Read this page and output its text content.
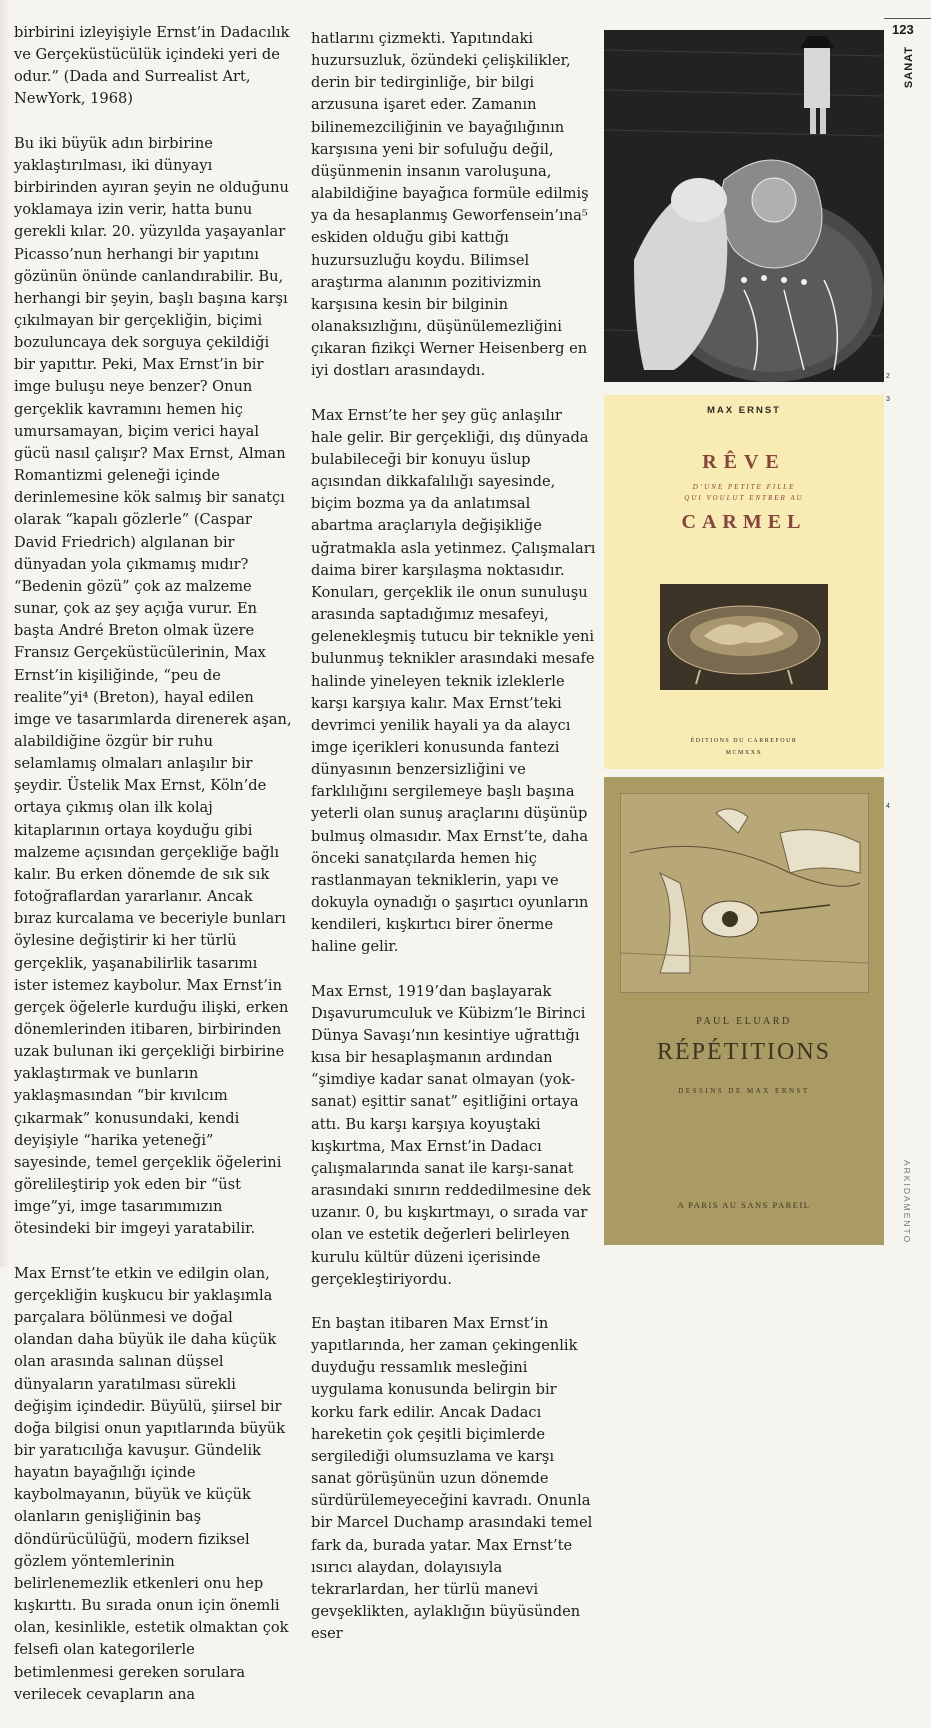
123
SANAT
ARKIDAMENTO

birbirini izleyişiyle Ernst’in Dadacılık ve Gerçeküstücülük içindeki yeri de odur.” (Dada and Surrealist Art, NewYork, 1968)

Bu iki büyük adın birbirine yaklaştırılması, iki dünyayı birbirinden ayıran şeyin ne olduğunu yoklamaya izin verir, hatta bunu gerekli kılar. 20. yüzyılda yaşayanlar Picasso’nun herhangi bir yapıtını gözünün önünde canlandırabilir. Bu, herhangi bir şeyin, başlı başına karşı çıkılmayan bir gerçekliğin, biçimi bozuluncaya dek sorguya çekildiği bir yapıttır. Peki, Max Ernst’in bir imge buluşu neye benzer? Onun gerçeklik kavramını hemen hiç umursamayan, biçim verici hayal gücü nasıl çalışır? Max Ernst, Alman Romantizmi geleneği içinde derinlemesine kök salmış bir sanatçı olarak “kapalı gözlerle” (Caspar David Friedrich) algılanan bir dünyadan yola çıkmamış mıdır? “Bedenin gözü” çok az malzeme sunar, çok az şey açığa vurur. En başta André Breton olmak üzere Fransız Gerçeküstücülerinin, Max Ernst’in kişiliğinde, “peu de realite”yi⁴ (Breton), hayal edilen imge ve tasarımlarda direnerek aşan, alabildiğine özgür bir ruhu selamlamış olmaları anlaşılır bir şeydir. Üstelik Max Ernst, Köln’de ortaya çıkmış olan ilk kolaj kitaplarının ortaya koyduğu gibi malzeme açısından gerçekliğe bağlı kalır. Bu erken dönemde de sık sık fotoğraflardan yararlanır. Ancak bıraz kurcalama ve beceriyle bunları öylesine değiştirir ki her türlü gerçeklik, yaşanabilirlik tasarımı ister istemez kaybolur. Max Ernst’in gerçek öğelerle kurduğu ilişki, erken dönemlerinden itibaren, birbirinden uzak bulunan iki gerçekliği birbirine yaklaştırmak ve bunların yaklaşmasından “bir kıvılcım çıkarmak” konusundaki, kendi deyişiyle “harika yeteneği” sayesinde, temel gerçeklik öğelerini görelileştirip yok eden bir “üst imge”yi, imge tasarımımızın ötesindeki bir imgeyi yaratabilir.

Max Ernst’te etkin ve edilgin olan, gerçekliğin kuşkucu bir yaklaşımla parçalara bölünmesi ve doğal olandan daha büyük ile daha küçük olan arasında salınan düşsel dünyaların yaratılması sürekli değişim içindedir. Büyülü, şiirsel bir doğa bilgisi onun yapıtlarında büyük bir yaratıcılığa kavuşur. Gündelik hayatın bayağılığı içinde kaybolmayanın, büyük ve küçük olanların genişliğinin baş döndürücülüğü, modern fiziksel gözlem yöntemlerinin belirlenemezlik etkenleri onu hep kışkırttı. Bu sırada onun için önemli olan, kesinlikle, estetik olmaktan çok felsefi olan kategorilerle betimlenmesi gereken sorulara verilecek cevapların ana

hatlarını çizmekti. Yapıtındaki huzursuzluk, özündeki çelişkilikler, derin bir tedirginliğe, bir bilgi arzusuna işaret eder. Zamanın bilinemezciliğinin ve bayağılığının karşısına yeni bir sofuluğu değil, düşünmenin insanın varoluşuna, alabildiğine bayağıca formüle edilmiş ya da hesaplanmış Geworfensein’ına⁵ eskiden olduğu gibi kattığı huzursuzluğu koydu. Bilimsel araştırma alanının pozitivizmin karşısına kesin bir bilginin olanaksızlığını, düşünülemezliğini çıkaran fizikçi Werner Heisenberg en iyi dostları arasındaydı.

Max Ernst’te her şey güç anlaşılır hale gelir. Bir gerçekliği, dış dünyada bulabileceği bir konuyu üslup açısından dikkafalılığı sayesinde, biçim bozma ya da anlatımsal abartma araçlarıyla değişikliğe uğratmakla asla yetinmez. Çalışmaları daima birer karşılaşma noktasıdır. Konuları, gerçeklik ile onun sunuluşu arasında saptadığımız mesafeyi, gelenekleşmiş tutucu bir teknikle yeni bulunmuş teknikler arasındaki mesafe halinde yineleyen teknik izleklerle karşı karşıya kalır. Max Ernst’teki devrimci yenilik hayali ya da alaycı imge içerikleri konusunda fantezi dünyasının benzersizliğini ve farklılığını sergilemeye başlı başına yeterli olan sunuş araçlarını düşünüp bulmuş olmasıdır. Max Ernst’te, daha önceki sanatçılarda hemen hiç rastlanmayan tekniklerin, yapı ve dokuyla oynadığı o şaşırtıcı oyunların kendileri, kışkırtıcı birer önerme haline gelir.

Max Ernst, 1919’dan başlayarak Dışavurumculuk ve Kübizm’le Birinci Dünya Savaşı’nın kesintiye uğrattığı kısa bir hesaplaşmanın ardından “şimdiye kadar sanat olmayan (yok-sanat) eşittir sanat” eşitliğini ortaya attı. Bu karşı karşıya koyuştaki kışkırtma, Max Ernst’in Dadacı çalışmalarında sanat ile karşı-sanat arasındaki sınırın reddedilmesine dek uzanır. 0, bu kışkırtmayı, o sırada var olan ve estetik değerleri belirleyen kurulu kültür düzeni içerisinde gerçekleştiriyordu.

En baştan itibaren Max Ernst’in yapıtlarında, her zaman çekingenlik duyduğu ressamlık mesleğini uygulama konusunda belirgin bir korku fark edilir. Ancak Dadacı hareketin çok çeşitli biçimlerde sergilediği olumsuzlama ve karşı sanat görüşünün uzun dönemde sürdürülemeyeceğini kavradı. Onunla bir Marcel Duchamp arasındaki temel fark da, burada yatar. Max Ernst’te ısırıcı alaydan, dolayısıyla tekrarlardan, her türlü manevi gevşeklikten, aylaklığın büyüsünden eser

2
MAX ERNST
RÊVE
D’UNE PETITE FILLE
QUI VOULUT ENTRER AU
CARMEL
ÉDITIONS DU CARREFOUR
MCMXXX
3
PAUL ELUARD
RÉPÉTITIONS
DESSINS DE MAX ERNST
A PARIS AU SANS PAREIL
4
